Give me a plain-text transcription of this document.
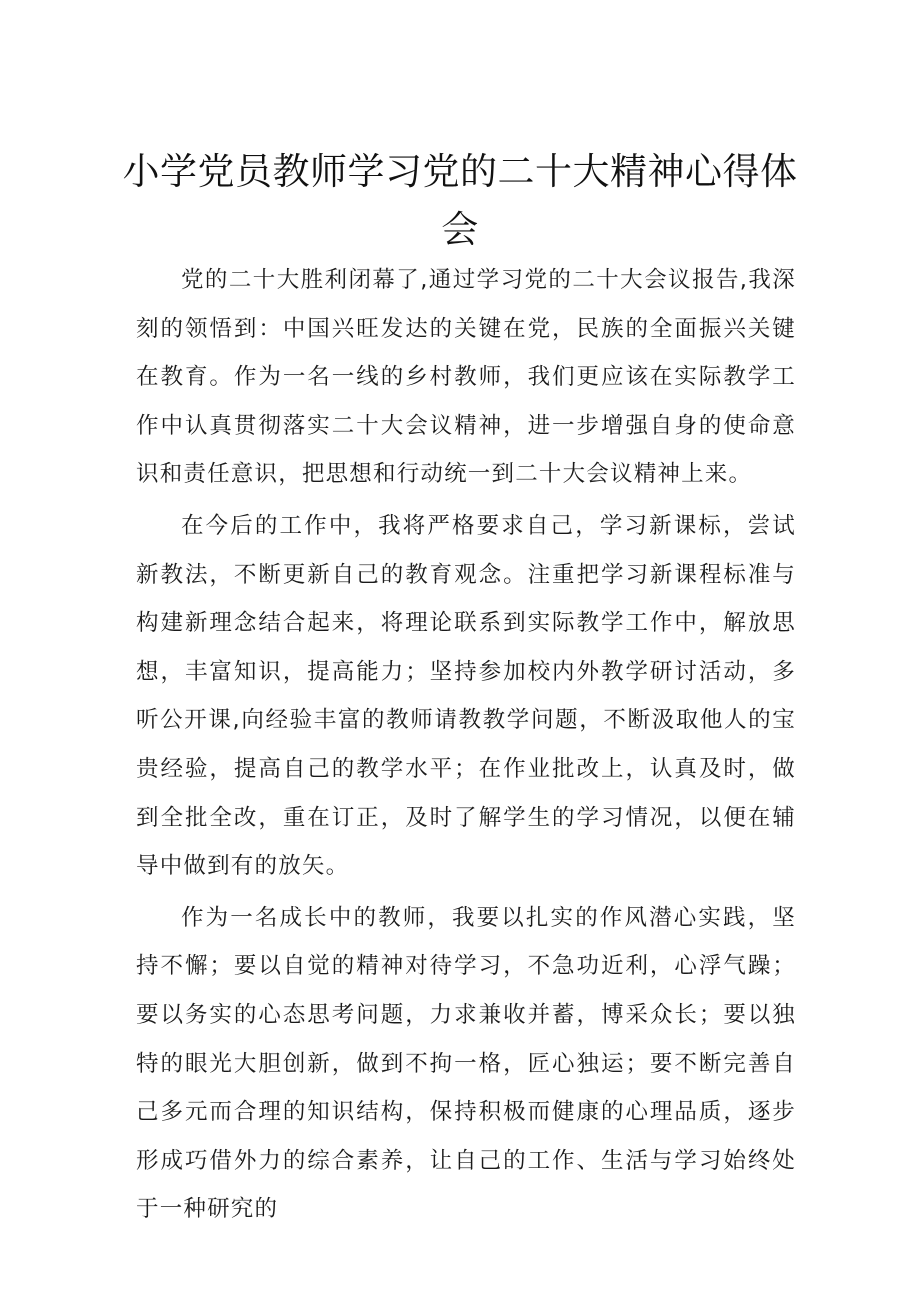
小学党员教师学习党的二十大精神心得体会

党的二十大胜利闭幕了,通过学习党的二十大会议报告,我深刻的领悟到：中国兴旺发达的关键在党，民族的全面振兴关键在教育。作为一名一线的乡村教师，我们更应该在实际教学工作中认真贯彻落实二十大会议精神，进一步增强自身的使命意识和责任意识，把思想和行动统一到二十大会议精神上来。

在今后的工作中，我将严格要求自己，学习新课标，尝试新教法，不断更新自己的教育观念。注重把学习新课程标准与构建新理念结合起来，将理论联系到实际教学工作中，解放思想，丰富知识，提高能力；坚持参加校内外教学研讨活动，多听公开课,向经验丰富的教师请教教学问题，不断汲取他人的宝贵经验，提高自己的教学水平；在作业批改上，认真及时，做到全批全改，重在订正，及时了解学生的学习情况，以便在辅导中做到有的放矢。

作为一名成长中的教师，我要以扎实的作风潜心实践，坚持不懈；要以自觉的精神对待学习，不急功近利，心浮气躁；要以务实的心态思考问题，力求兼收并蓄，博采众长；要以独特的眼光大胆创新，做到不拘一格，匠心独运；要不断完善自己多元而合理的知识结构，保持积极而健康的心理品质，逐步形成巧借外力的综合素养，让自己的工作、生活与学习始终处于一种研究的
